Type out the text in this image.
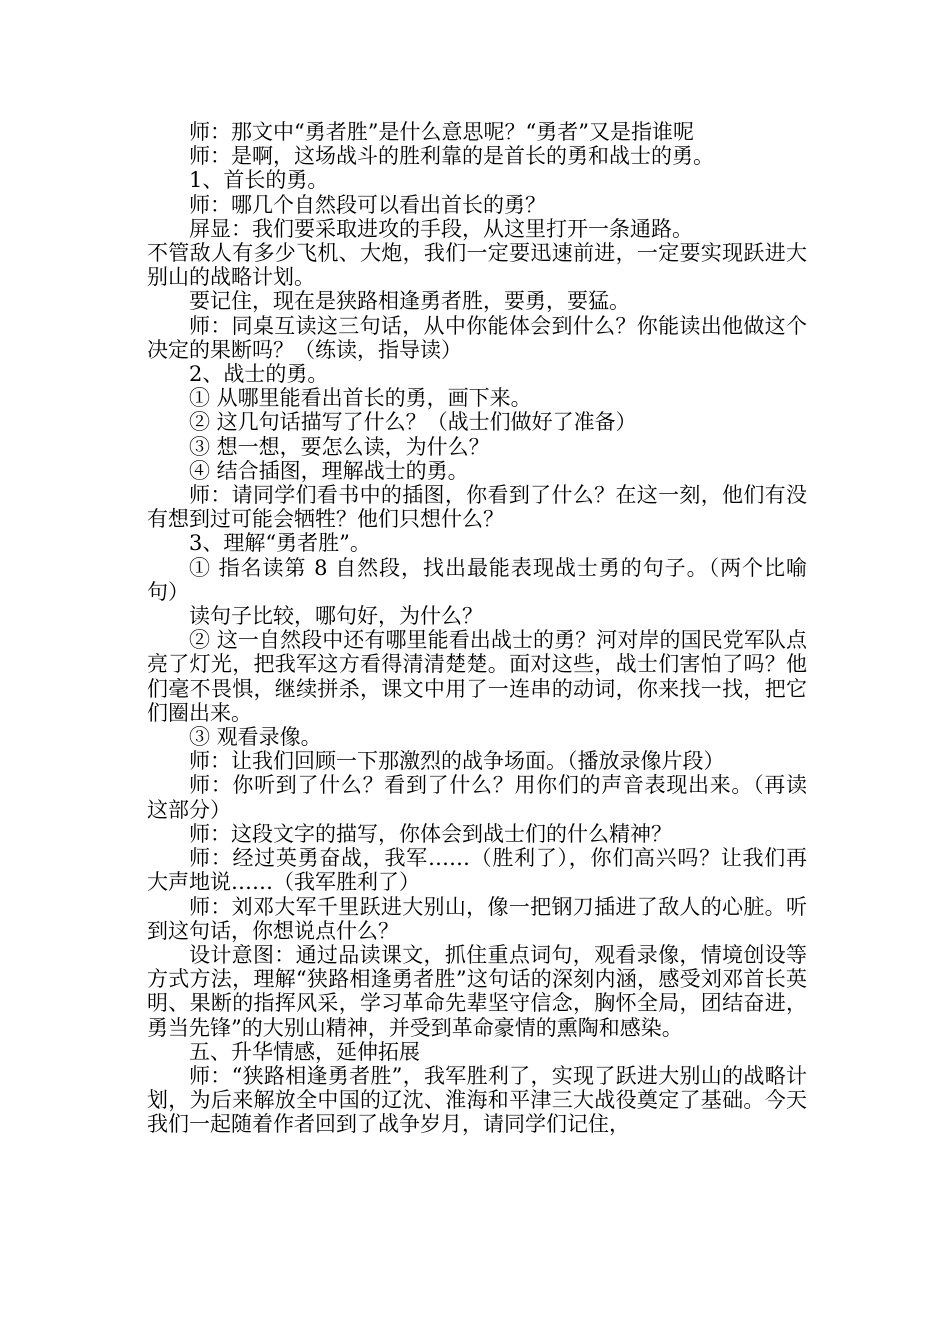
师：那文中“勇者胜”是什么意思呢？“勇者”又是指谁呢

师：是啊，这场战斗的胜利靠的是首长的勇和战士的勇。

1、首长的勇。

师：哪几个自然段可以看出首长的勇？

屏显：我们要采取进攻的手段，从这里打开一条通路。

不管敌人有多少飞机、大炮，我们一定要迅速前进，一定要实现跃进大别山的战略计划。

要记住，现在是狭路相逢勇者胜，要勇，要猛。

师：同桌互读这三句话，从中你能体会到什么？你能读出他做这个决定的果断吗？（练读，指导读）

2、战士的勇。

① 从哪里能看出首长的勇，画下来。

② 这几句话描写了什么？（战士们做好了准备）

③ 想一想，要怎么读，为什么？

④ 结合插图，理解战士的勇。

师：请同学们看书中的插图，你看到了什么？在这一刻，他们有没有想到过可能会牺牲？他们只想什么？

3、理解“勇者胜”。

① 指名读第 8 自然段，找出最能表现战士勇的句子。（两个比喻句）

读句子比较，哪句好，为什么？

② 这一自然段中还有哪里能看出战士的勇？河对岸的国民党军队点亮了灯光，把我军这方看得清清楚楚。面对这些，战士们害怕了吗？他们毫不畏惧，继续拼杀，课文中用了一连串的动词，你来找一找，把它们圈出来。

③ 观看录像。

师：让我们回顾一下那激烈的战争场面。（播放录像片段）

师：你听到了什么？看到了什么？用你们的声音表现出来。（再读这部分）

师：这段文字的描写，你体会到战士们的什么精神？

师：经过英勇奋战，我军……（胜利了），你们高兴吗？让我们再大声地说……（我军胜利了）

师：刘邓大军千里跃进大别山，像一把钢刀插进了敌人的心脏。听到这句话，你想说点什么？

设计意图：通过品读课文，抓住重点词句，观看录像，情境创设等方式方法，理解“狭路相逢勇者胜”这句话的深刻内涵，感受刘邓首长英明、果断的指挥风采，学习革命先辈坚守信念，胸怀全局，团结奋进，勇当先锋”的大别山精神，并受到革命豪情的熏陶和感染。

五、升华情感，延伸拓展

师：“狭路相逢勇者胜”，我军胜利了，实现了跃进大别山的战略计划，为后来解放全中国的辽沈、淮海和平津三大战役奠定了基础。今天我们一起随着作者回到了战争岁月，请同学们记住，
